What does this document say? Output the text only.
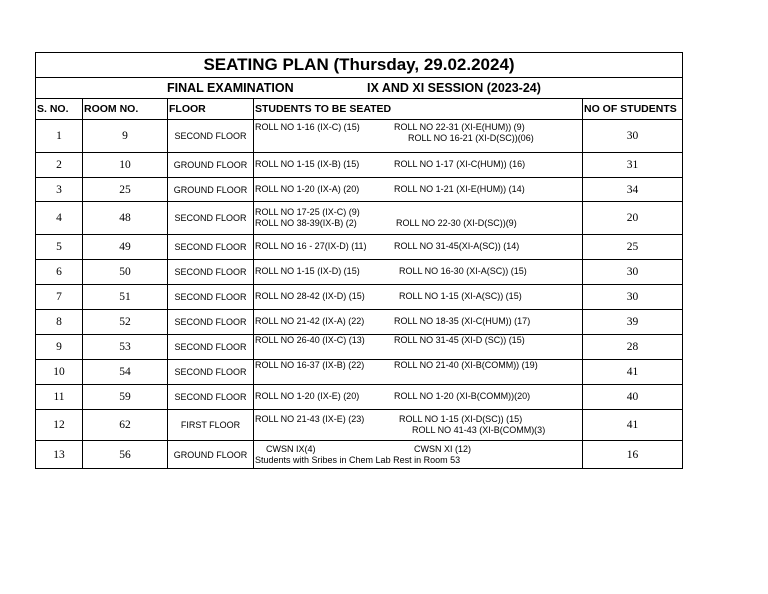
SEATING PLAN (Thursday, 29.02.2024)				

FINAL EXAMINATION IX AND XI SESSION (2023-24)				

S. NO.	ROOM NO.	FLOOR	STUDENTS TO BE SEATED	NO OF STUDENTS
1	9	SECOND FLOOR	ROLL NO 1-16 (IX-C) (15) ROLL NO 22-31 (XI-E(HUM)) (9)
ROLL NO 16-21 (XI-D(SC))(06)	30
2	10	GROUND FLOOR	ROLL NO 1-15 (IX-B) (15) ROLL NO 1-17 (XI-C(HUM)) (16)	31
3	25	GROUND FLOOR	ROLL NO 1-20 (IX-A) (20) ROLL NO 1-21 (XI-E(HUM)) (14)	34
4	48	SECOND FLOOR	ROLL NO 17-25 (IX-C) (9)
ROLL NO 38-39(IX-B) (2) ROLL NO 22-30 (XI-D(SC))(9)	20
5	49	SECOND FLOOR	ROLL NO 16 - 27(IX-D) (11) ROLL NO 31-45(XI-A(SC)) (14)	25
6	50	SECOND FLOOR	ROLL NO 1-15 (IX-D) (15) ROLL NO 16-30 (XI-A(SC)) (15)	30
7	51	SECOND FLOOR	ROLL NO 28-42 (IX-D) (15) ROLL NO 1-15 (XI-A(SC)) (15)	30
8	52	SECOND FLOOR	ROLL NO 21-42 (IX-A) (22) ROLL NO 18-35 (XI-C(HUM)) (17)	39
9	53	SECOND FLOOR	ROLL NO 26-40 (IX-C) (13) ROLL NO 31-45 (XI-D (SC)) (15)	28
10	54	SECOND FLOOR	ROLL NO 16-37 (IX-B) (22) ROLL NO 21-40 (XI-B(COMM)) (19)	41
11	59	SECOND FLOOR	ROLL NO 1-20 (IX-E) (20) ROLL NO 1-20 (XI-B(COMM))(20)	40
12	62	FIRST FLOOR	ROLL NO 21-43 (IX-E) (23) ROLL NO 1-15 (XI-D(SC)) (15)
ROLL NO 41-43 (XI-B(COMM)(3)	41
13	56	GROUND FLOOR	CWSN IX(4)
Students with Sribes in Chem Lab Rest in Room 53
CWSN XI (12)	16
